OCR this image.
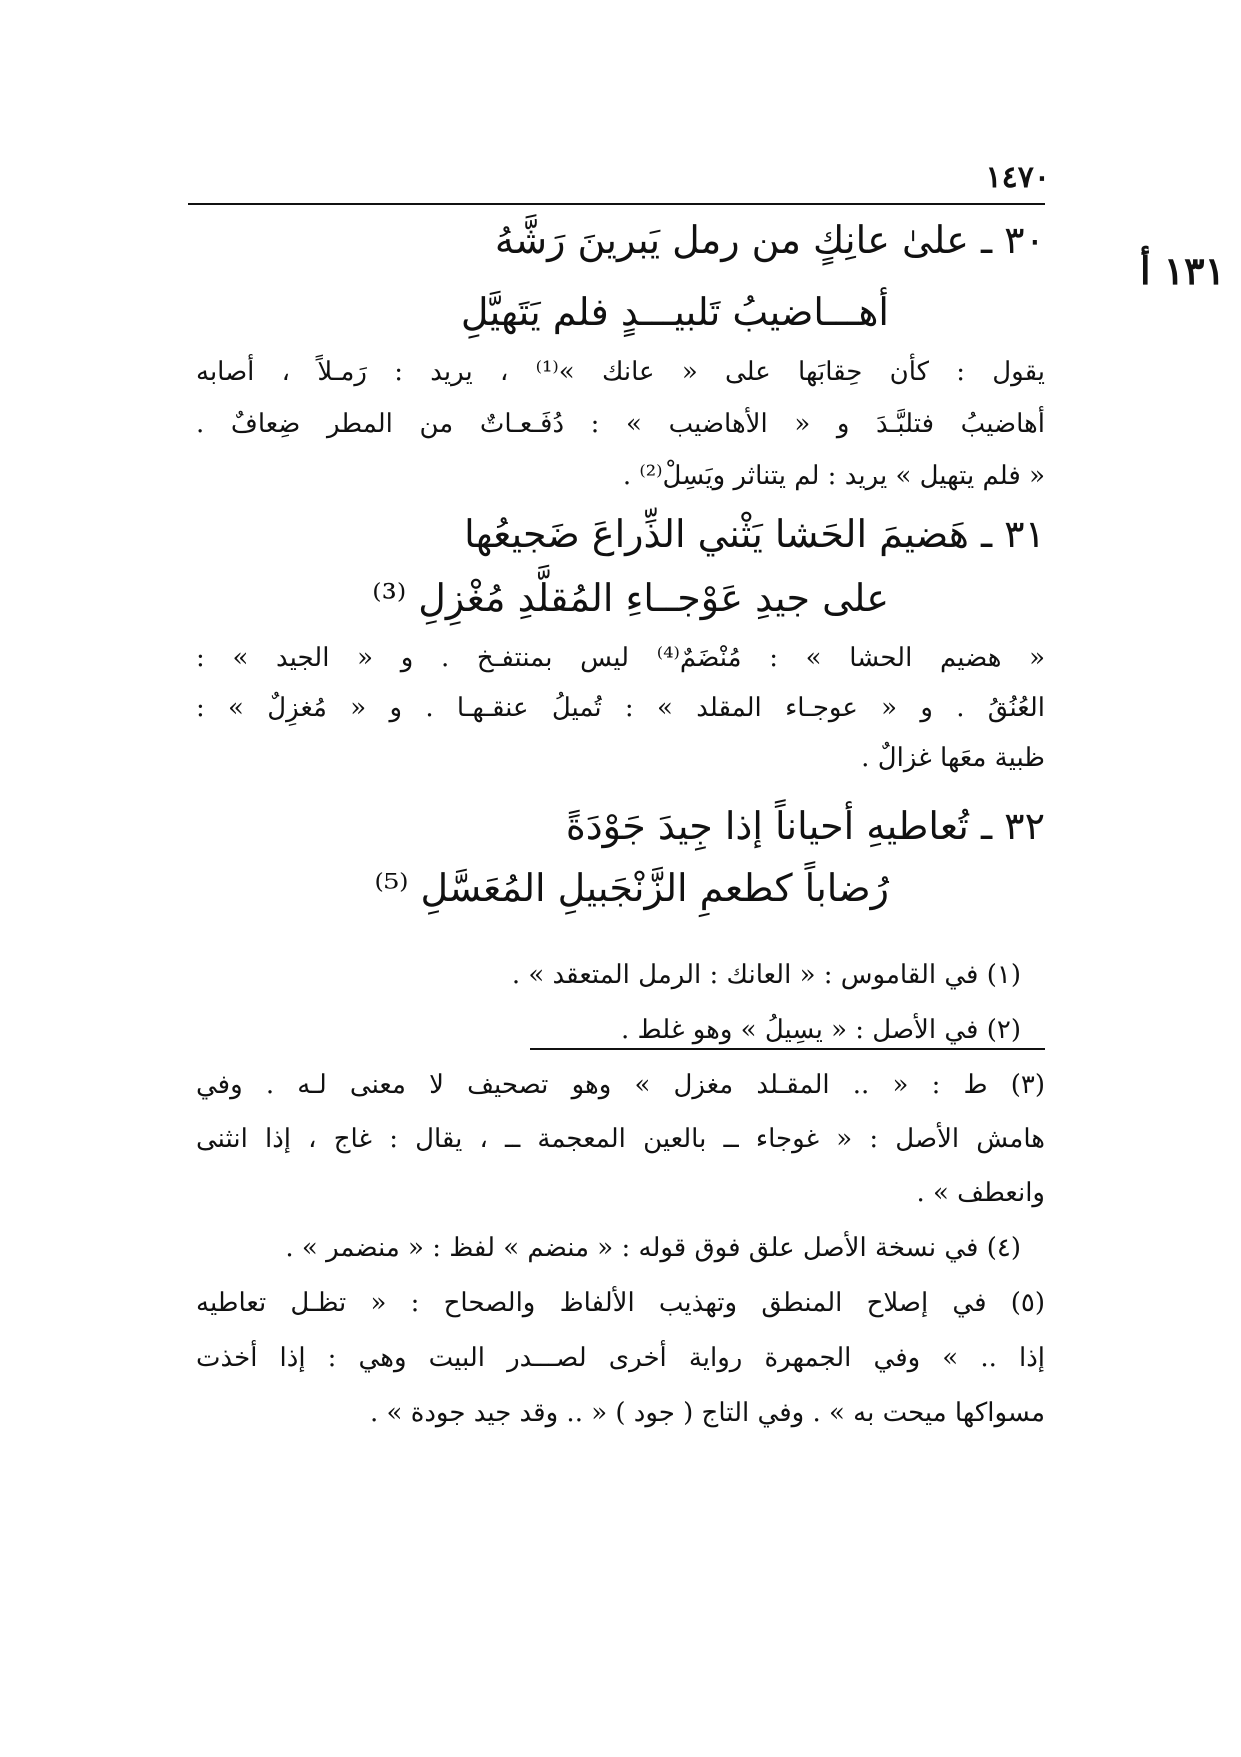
١٤٧٠
١٣١ أ
٣٠ ـ علىٰ عانِكٍ من رمل يَبرينَ رَشَّهُ
أهـــاضيبُ تَلبيـــدٍ فلم يَتَهيَّلِ
يقول : كأن حِقابَها على « عانك »⁽¹⁾ ، يريد : رَمـلاً ، أصابه
أهاضيبُ فتلبَّـدَ و « الأهاضيب » : دُفَـعـاتٌ من المطر ضِعافٌ .
« فلم يتهيل » يريد : لم يتناثر ويَسِلْ⁽²⁾ .
٣١ ـ هَضيمَ الحَشا يَثْني الذِّراعَ ضَجيعُها
على جيدِ عَوْجــاءِ المُقلَّدِ مُغْزِلِ ⁽³⁾
« هضيم الحشا » : مُنْضَمٌ⁽⁴⁾ ليس بمنتفـخ . و « الجيد » :
العُنُقُ . و « عوجـاء المقلد » : تُميلُ عنقـهـا . و « مُغزِلٌ » :
ظبية معَها غزالٌ .
٣٢ ـ تُعاطيهِ أحياناً إذا جِيدَ جَوْدَةً
رُضاباً كطعمِ الزَّنْجَبيلِ المُعَسَّلِ ⁽⁵⁾
(١) في القاموس : « العانك : الرمل المتعقد » .
(٢) في الأصل : « يسِيلُ » وهو غلط .
(٣) ط : « .. المقـلد مغزل » وهو تصحيف لا معنى لـه . وفي
هامش الأصل : « غوجاء ــ بالعين المعجمة ــ ، يقال : غاج ، إذا انثنى
وانعطف » .
(٤) في نسخة الأصل علق فوق قوله : « منضم » لفظ : « منضمر » .
(٥) في إصلاح المنطق وتهذيب الألفاظ والصحاح : « تظـل تعاطيه
إذا .. » وفي الجمهرة رواية أخرى لصـــدر البيت وهي : إذا أخذت
مسواكها ميحت به » . وفي التاج ( جود ) « .. وقد جيد جودة » .
